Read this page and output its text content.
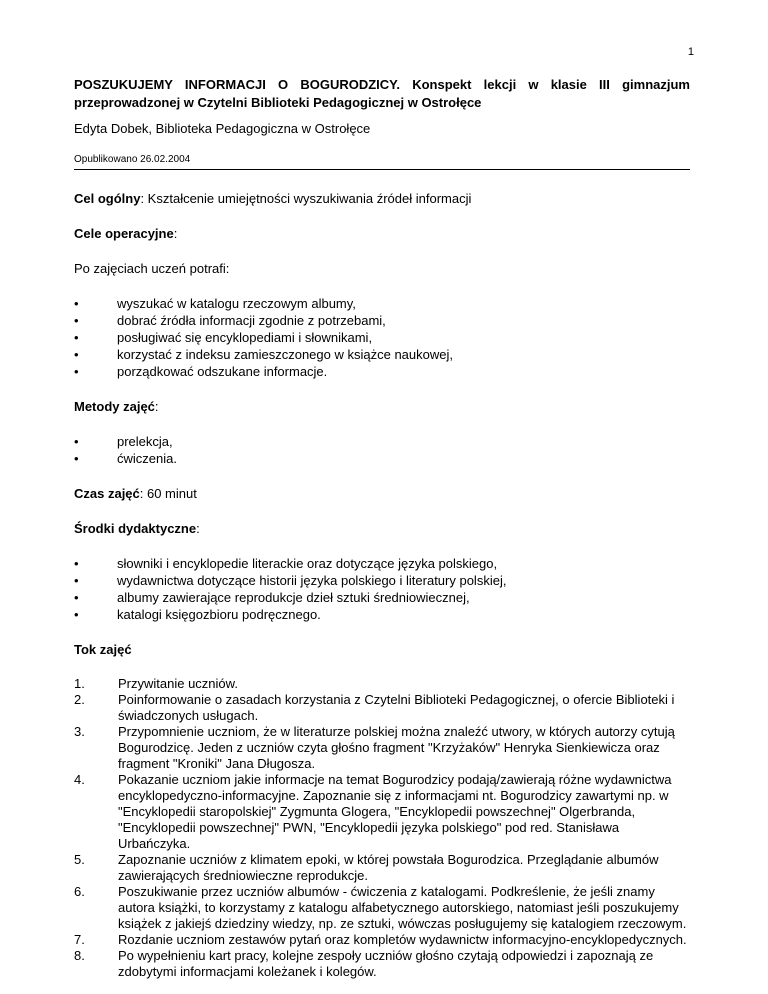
1

POSZUKUJEMY INFORMACJI O BOGURODZICY. Konspekt lekcji w klasie III gimnazjum przeprowadzonej w Czytelni Biblioteki Pedagogicznej w Ostrołęce

Edyta Dobek, Biblioteka Pedagogiczna w Ostrołęce

Opublikowano 26.02.2004

Cel ogólny: Kształcenie umiejętności wyszukiwania źródeł informacji

Cele operacyjne:

Po zajęciach uczeń potrafi:

• wyszukać w katalogu rzeczowym albumy,
• dobrać źródła informacji zgodnie z potrzebami,
• posługiwać się encyklopediami i słownikami,
• korzystać z indeksu zamieszczonego w książce naukowej,
• porządkować odszukane informacje.

Metody zajęć:

• prelekcja,
• ćwiczenia.

Czas zajęć: 60 minut

Środki dydaktyczne:

• słowniki i encyklopedie literackie oraz dotyczące języka polskiego,
• wydawnictwa dotyczące historii języka polskiego i literatury polskiej,
• albumy zawierające reprodukcje dzieł sztuki średniowiecznej,
• katalogi księgozbioru podręcznego.

Tok zajęć

1.	Przywitanie uczniów.
2.	Poinformowanie o zasadach korzystania z Czytelni Biblioteki Pedagogicznej, o ofercie Biblioteki i świadczonych usługach.
3.	Przypomnienie uczniom, że w literaturze polskiej można znaleźć utwory, w których autorzy cytują Bogurodzicę. Jeden z uczniów czyta głośno fragment "Krzyżaków" Henryka Sienkiewicza oraz fragment "Kroniki" Jana Długosza.
4.	Pokazanie uczniom jakie informacje na temat Bogurodzicy podają/zawierają różne wydawnictwa encyklopedyczno-informacyjne. Zapoznanie się z informacjami nt. Bogurodzicy zawartymi np. w "Encyklopedii staropolskiej" Zygmunta Glogera, "Encyklopedii powszechnej" Olgerbranda, "Encyklopedii powszechnej" PWN, "Encyklopedii języka polskiego" pod red. Stanisława Urbańczyka.
5.	Zapoznanie uczniów z klimatem epoki, w której powstała Bogurodzica. Przeglądanie albumów zawierających średniowieczne reprodukcje.
6.	Poszukiwanie przez uczniów albumów - ćwiczenia z katalogami. Podkreślenie, że jeśli znamy autora książki, to korzystamy z katalogu alfabetycznego autorskiego, natomiast jeśli poszukujemy książek z jakiejś dziedziny wiedzy, np. ze sztuki, wówczas posługujemy się katalogiem rzeczowym.
7.	Rozdanie uczniom zestawów pytań oraz kompletów wydawnictw informacyjno-encyklopedycznych.
8.	Po wypełnieniu kart pracy, kolejne zespoły uczniów głośno czytają odpowiedzi i zapoznają ze zdobytymi informacjami koleżanek i kolegów.
